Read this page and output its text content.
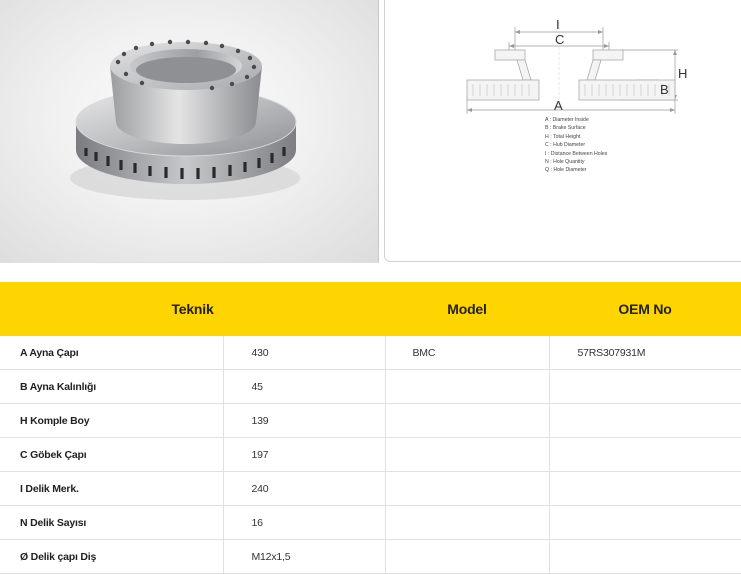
I
C
H
B
A
A : Diameter Inside
B : Brake Surface
H : Total Height
C : Hub Diameter
I : Distance Between Holes
N : Hole Quantity
Q : Hole Diameter
Teknik		Model	OEM No
A Ayna Çapı	430	BMC	57RS307931M
B Ayna Kalınlığı	45		
H Komple Boy	139		
C Göbek Çapı	197		
I Delik Merk.	240		
N Delik Sayısı	16		
Ø Delik çapı Diş	M12x1,5		
